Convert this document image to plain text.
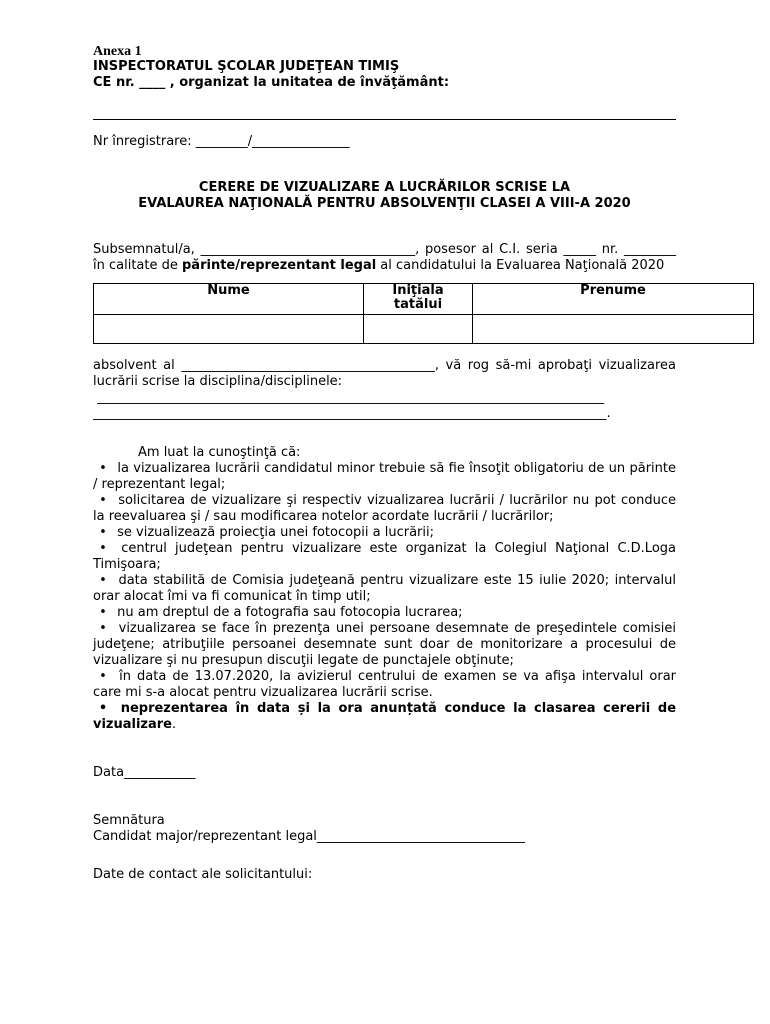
Anexa 1
INSPECTORATUL ŞCOLAR JUDEŢEAN TIMIŞ
CE nr. ____ , organizat la unitatea de învăţământ:
Nr înregistrare: ________/_______________
CERERE DE VIZUALIZARE A LUCRĂRILOR SCRISE LA
EVALAUREA NAŢIONALĂ PENTRU ABSOLVENŢII CLASEI A VIII-A 2020
Subsemnatul/a, _________________________________, posesor al C.I. seria _____ nr. ________ în calitate de părinte/reprezentant legal al candidatului la Evaluarea Naţională 2020
Nume	Iniţiala tatălui	Prenume

absolvent al _______________________________________, vă rog să-mi aprobaţi vizualizarea lucrării scrise la disciplina/disciplinele:
______________________________________________________________________________
_______________________________________________________________________________.
Am luat la cunoştinţă că:
• la vizualizarea lucrării candidatul minor trebuie să fie însoţit obligatoriu de un părinte / reprezentant legal;
• solicitarea de vizualizare şi respectiv vizualizarea lucrării / lucrărilor nu pot conduce la reevaluarea şi / sau modificarea notelor acordate lucrării / lucrărilor;
• se vizualizează proiecţia unei fotocopii a lucrării;
• centrul judeţean pentru vizualizare este organizat la Colegiul Naţional C.D.Loga Timişoara;
• data stabilită de Comisia judeţeană pentru vizualizare este 15 iulie 2020; intervalul orar alocat îmi va fi comunicat în timp util;
• nu am dreptul de a fotografia sau fotocopia lucrarea;
• vizualizarea se face în prezenţa unei persoane desemnate de preşedintele comisiei judeţene; atribuţiile persoanei desemnate sunt doar de monitorizare a procesului de vizualizare şi nu presupun discuţii legate de punctajele obţinute;
• în data de 13.07.2020, la avizierul centrului de examen se va afişa intervalul orar care mi s-a alocat pentru vizualizarea lucrării scrise.
• neprezentarea în data și la ora anunțată conduce la clasarea cererii de vizualizare.
Data___________
Semnătura
Candidat major/reprezentant legal________________________________
Date de contact ale solicitantului:
